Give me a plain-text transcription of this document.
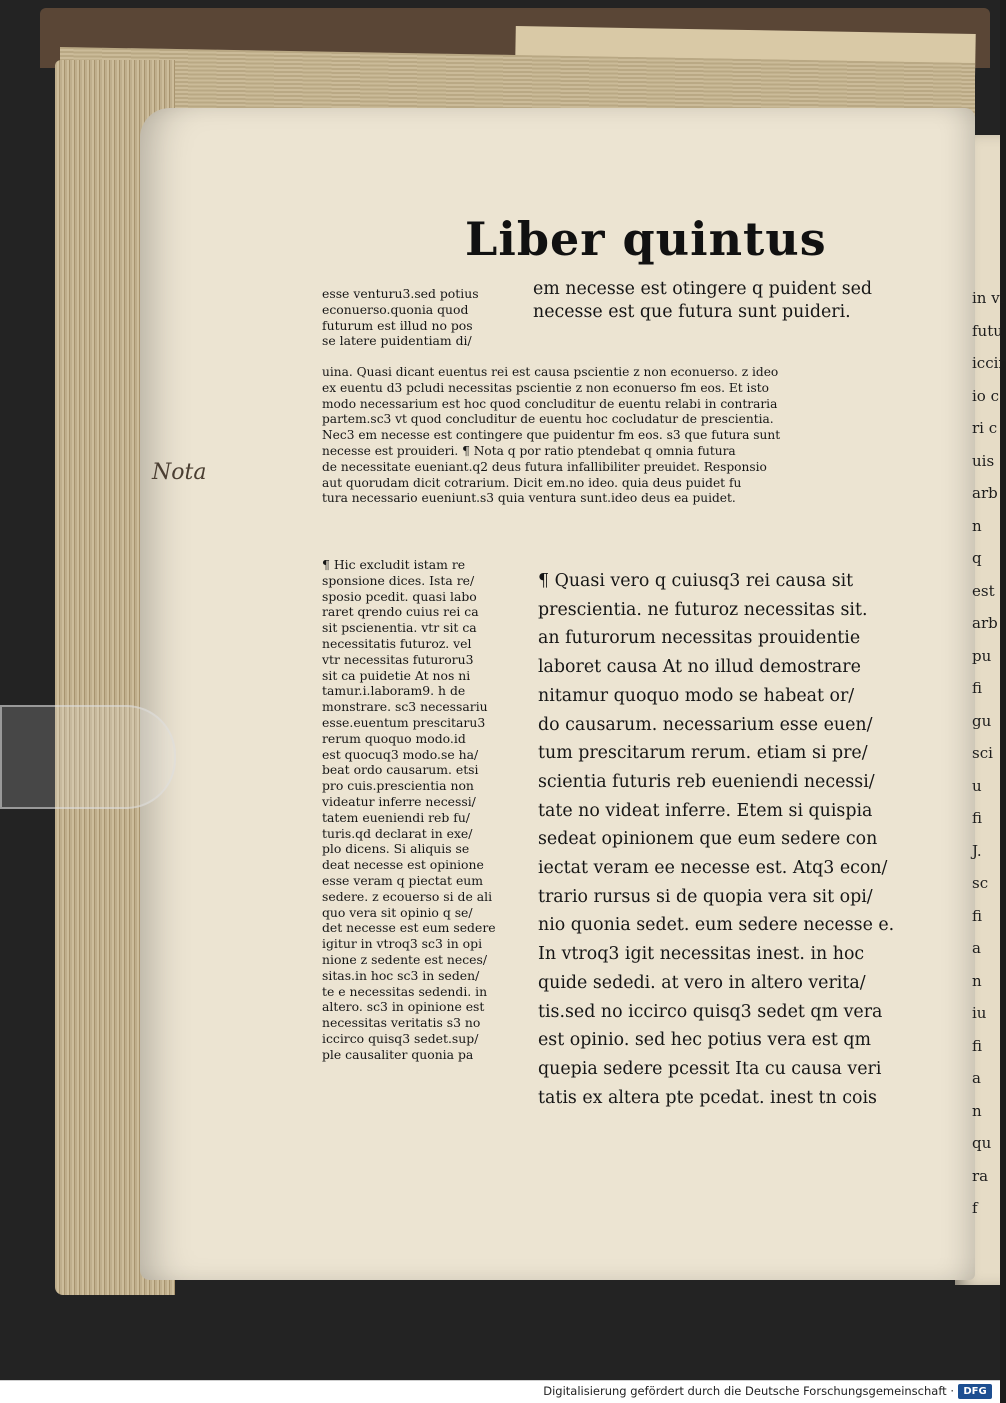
Liber quintus
esse venturu3.sed potius
econuerso.quonia quod
futurum est illud no pos
se latere puidentiam di/
em necesse est otingere q puident sed
necesse est que futura sunt puideri.
uina. Quasi dicant euentus rei est causa pscientie z non econuerso. z ideo
ex euentu d3 pcludi necessitas pscientie z non econuerso fm eos. Et isto
modo necessarium est hoc quod concluditur de euentu relabi in contraria
partem.sc3 vt quod concluditur de euentu hoc cocludatur de prescientia.
Nec3 em necesse est contingere que puidentur fm eos. s3 que futura sunt
necesse est prouideri. ¶ Nota q por ratio ptendebat q omnia futura
de necessitate eueniant.q2 deus futura infallibiliter preuidet. Responsio
aut quorudam dicit cotrarium. Dicit em.no ideo. quia deus puidet fu
tura necessario eueniunt.s3 quia ventura sunt.ideo deus ea puidet.
Nota
¶ Hic excludit istam re
sponsione dices. Ista re/
sposio pcedit. quasi labo
raret qrendo cuius rei ca
sit pscienentia. vtr sit ca
necessitatis futuroz. vel
vtr necessitas futuroru3
sit ca puidetie At nos ni
tamur.i.laboram9. h de
monstrare. sc3 necessariu
esse.euentum prescitaru3
rerum quoquo modo.id
est quocuq3 modo.se ha/
beat ordo causarum. etsi
pro cuis.prescientia non
videatur inferre necessi/
tatem eueniendi reb fu/
turis.qd declarat in exe/
plo dicens. Si aliquis se
deat necesse est opinione
esse veram q piectat eum
sedere. z ecouerso si de ali
quo vera sit opinio q se/
det necesse est eum sedere
igitur in vtroq3 sc3 in opi
nione z sedente est neces/
sitas.in hoc sc3 in seden/
te e necessitas sedendi. in
altero. sc3 in opinione est
necessitas veritatis s3 no
iccirco quisq3 sedet.sup/
ple causaliter quonia pa
¶ Quasi vero q cuiusq3 rei causa sit
prescientia. ne futuroz necessitas sit.
an futurorum necessitas prouidentie
laboret causa At no illud demostrare
nitamur quoquo modo se habeat or/
do causarum. necessarium esse euen/
tum prescitarum rerum. etiam si pre/
scientia futuris reb eueniendi necessi/
tate no videat inferre. Etem si quispia
sedeat opinionem que eum sedere con
iectat veram ee necesse est. Atq3 econ/
trario rursus si de quopia vera sit opi/
nio quonia sedet. eum sedere necesse e.
In vtroq3 igit necessitas inest. in hoc
quide sededi. at vero in altero verita/
tis.sed no iccirco quisq3 sedet qm vera
est opinio. sed hec potius vera est qm
quepia sedere pcessit Ita cu causa veri
tatis ex altera pte pcedat. inest tn cois
in vi
futu
iccir
io c
ri c
uis
arb
n
q
est
arb
pu
fi
gu
sci
u
fi
J.
sc
fi
a
n
iu
fi
a
n
qu
ra
f
Digitalisierung gefördert durch die Deutsche Forschungsgemeinschaft · DFG
